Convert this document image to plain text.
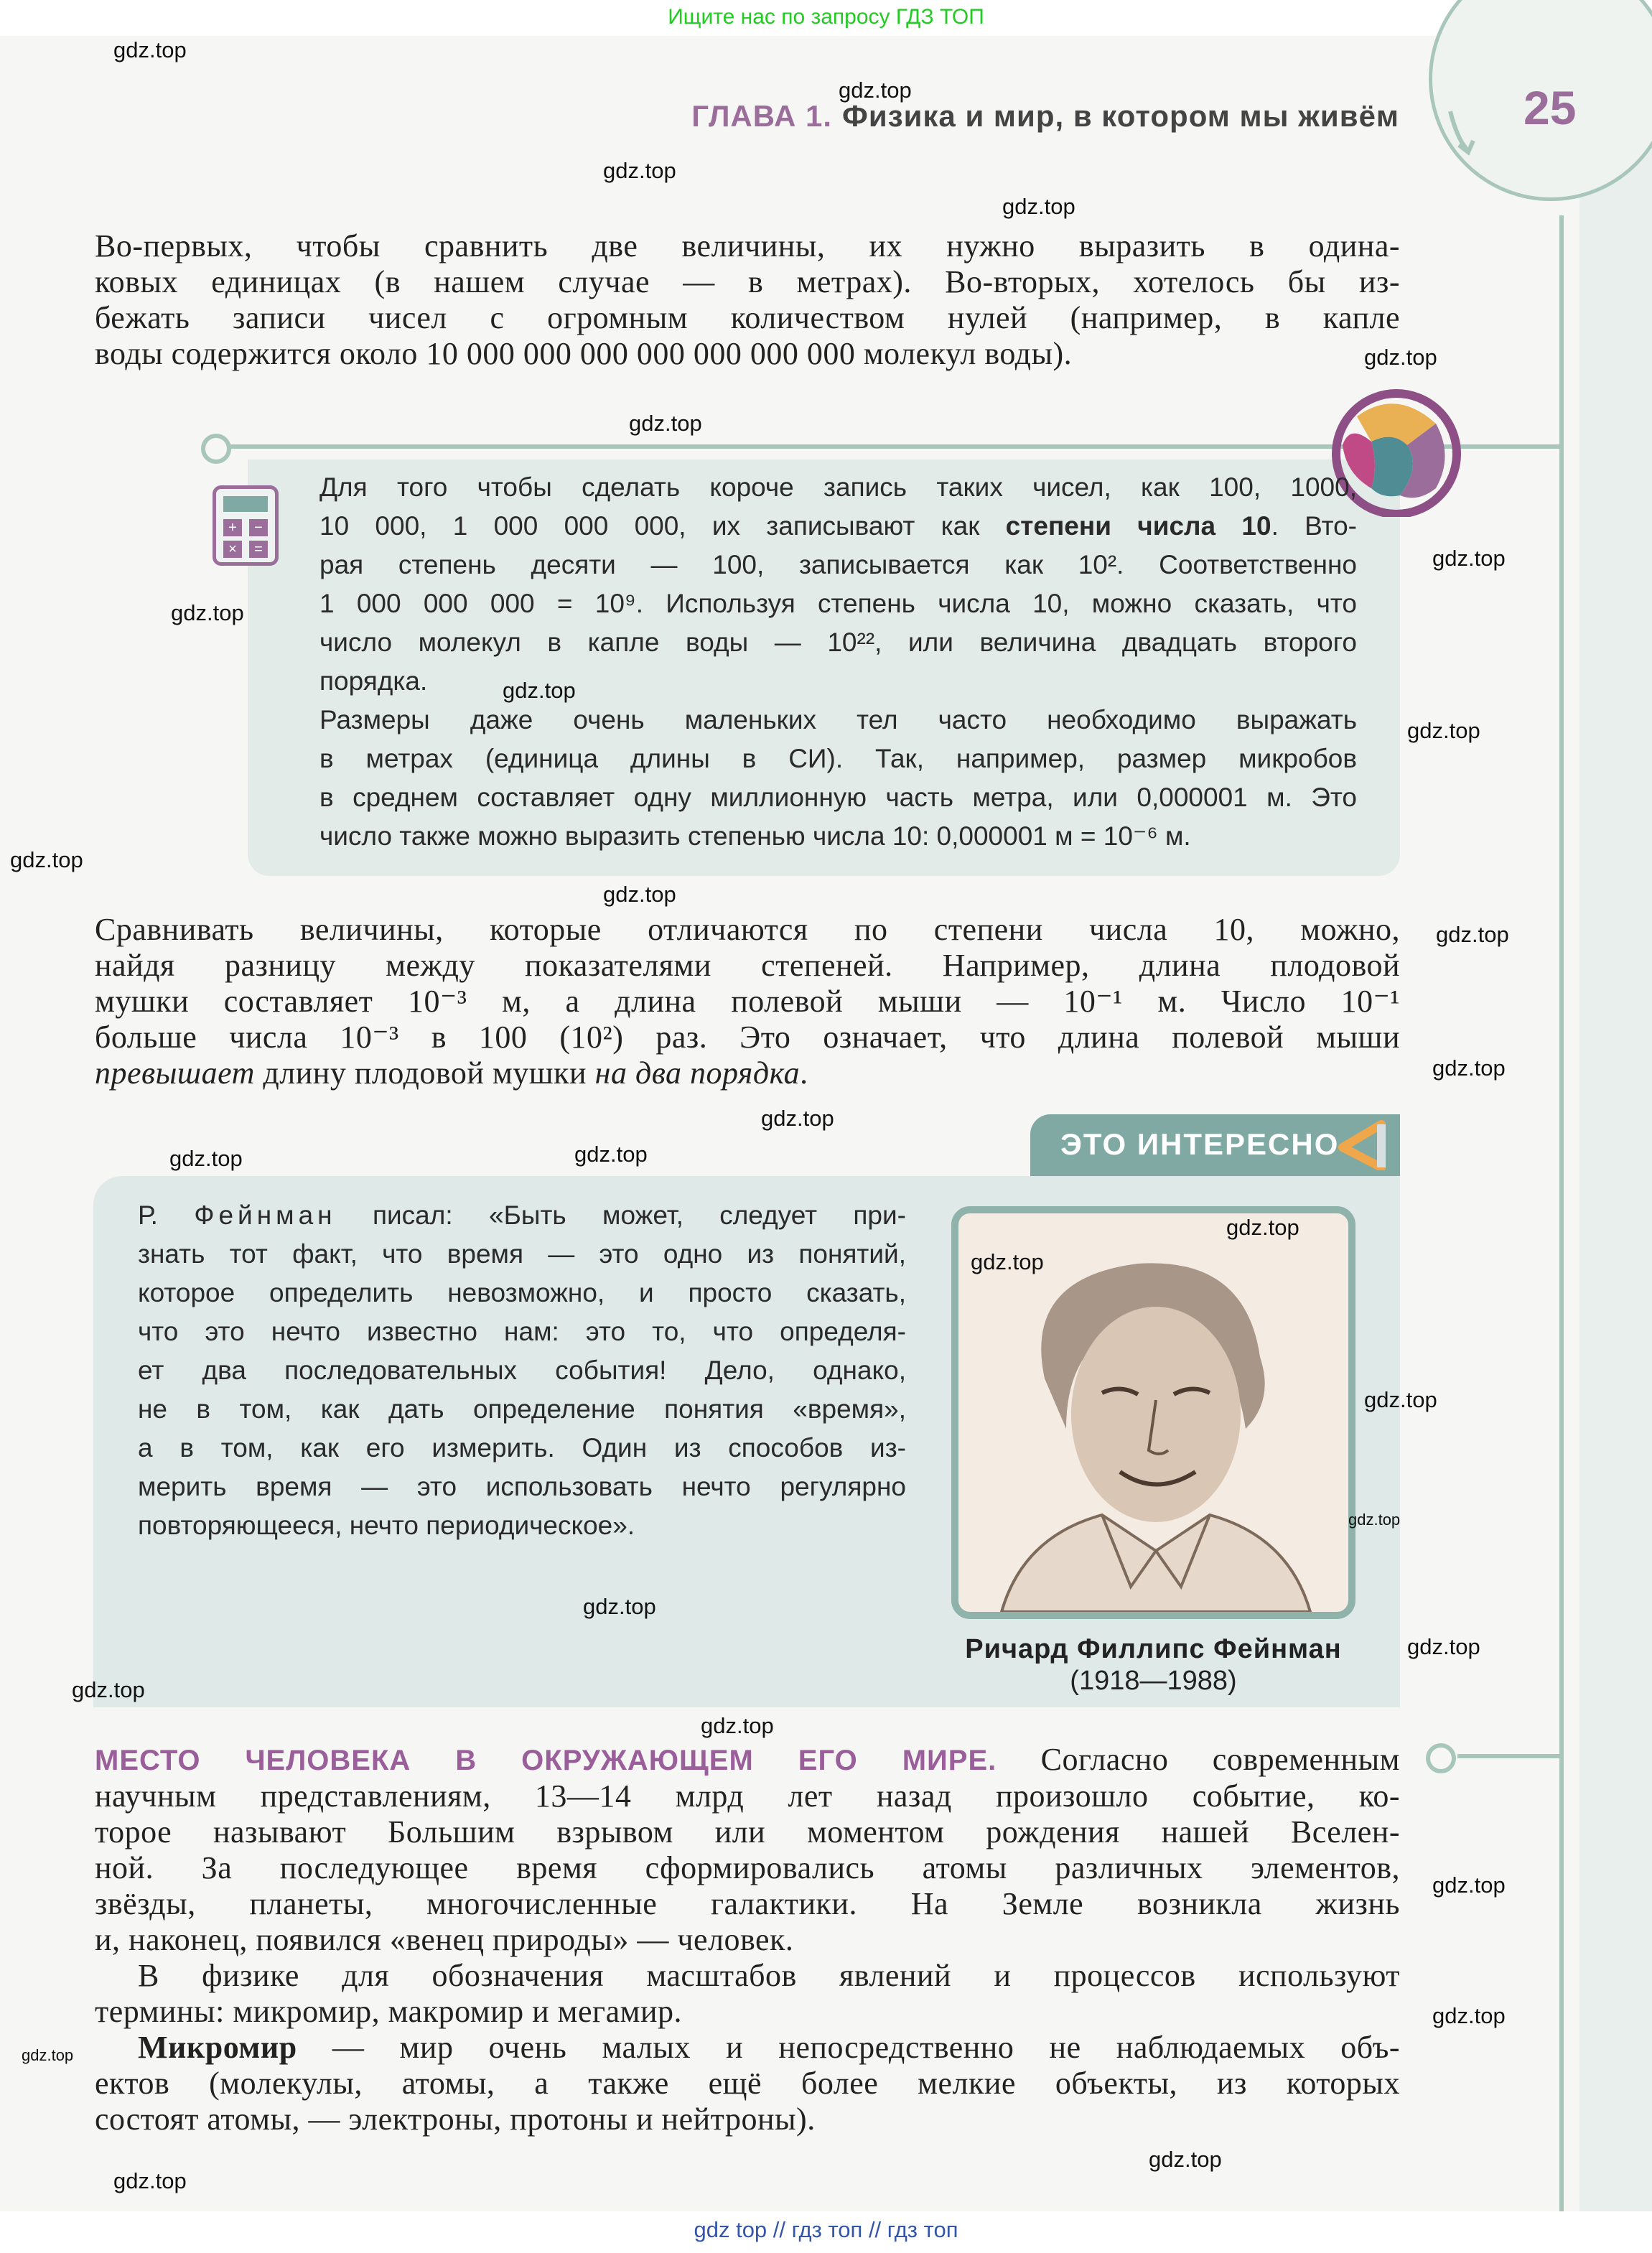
Ищите нас по запросу ГДЗ ТОП
25
ГЛАВА 1. Физика и мир, в котором мы живём
Во-первых, чтобы сравнить две величины, их нужно выразить в одина-
ковых единицах (в нашем случае — в метрах). Во-вторых, хотелось бы из-
бежать записи чисел с огромным количеством нулей (например, в капле
воды содержится около 10 000 000 000 000 000 000 000 молекул воды).
+	−
×	=
Для того чтобы сделать короче запись таких чисел, как 100, 1000,
10 000, 1 000 000 000, их записывают как степени числа 10. Вто-
рая степень десяти — 100, записывается как 10². Соответственно
1 000 000 000 = 10⁹. Используя степень числа 10, можно сказать, что
число молекул в капле воды — 10²², или величина двадцать второго
порядка.
Размеры даже очень маленьких тел часто необходимо выражать
в метрах (единица длины в СИ). Так, например, размер микробов
в среднем составляет одну миллионную часть метра, или 0,000001 м. Это
число также можно выразить степенью числа 10: 0,000001 м = 10⁻⁶ м.
Сравнивать величины, которые отличаются по степени числа 10, можно,
найдя разницу между показателями степеней. Например, длина плодовой
мушки составляет 10⁻³ м, а длина полевой мыши — 10⁻¹ м. Число 10⁻¹
больше числа 10⁻³ в 100 (10²) раз. Это означает, что длина полевой мыши
превышает длину плодовой мушки на два порядка.
ЭТО ИНТЕРЕСНО
Р. Фейнман писал: «Быть может, следует при-
знать тот факт, что время — это одно из понятий,
которое определить невозможно, и просто сказать,
что это нечто известно нам: это то, что определя-
ет два последовательных события! Дело, однако,
не в том, как дать определение понятия «время»,
а в том, как его измерить. Один из способов из-
мерить время — это использовать нечто регулярно
повторяющееся, нечто периодическое».
Ричард Филлипс Фейнман
(1918—1988)
МЕСТО ЧЕЛОВЕКА В ОКРУЖАЮЩЕМ ЕГО МИРЕ. Согласно современным
научным представлениям, 13—14 млрд лет назад произошло событие, ко-
торое называют Большим взрывом или моментом рождения нашей Вселен-
ной. За последующее время сформировались атомы различных элементов,
звёзды, планеты, многочисленные галактики. На Земле возникла жизнь
и, наконец, появился «венец природы» — человек.
В физике для обозначения масштабов явлений и процессов используют
термины: микромир, макромир и мегамир.
Микромир — мир очень малых и непосредственно не наблюдаемых объ-
ектов (молекулы, атомы, а также ещё более мелкие объекты, из которых
состоят атомы, — электроны, протоны и нейтроны).
gdz.top
gdz.top
gdz.top
gdz.top
gdz.top
gdz.top
gdz.top
gdz.top
gdz.top
gdz.top
gdz.top
gdz.top
gdz.top
gdz.top
gdz.top
gdz.top
gdz.top
gdz.top
gdz.top
gdz.top
gdz.top
gdz.top
gdz.top
gdz.top
gdz.top
gdz.top
gdz.top
gdz.top
gdz.top
gdz.top
gdz top // гдз топ // гдз топ
